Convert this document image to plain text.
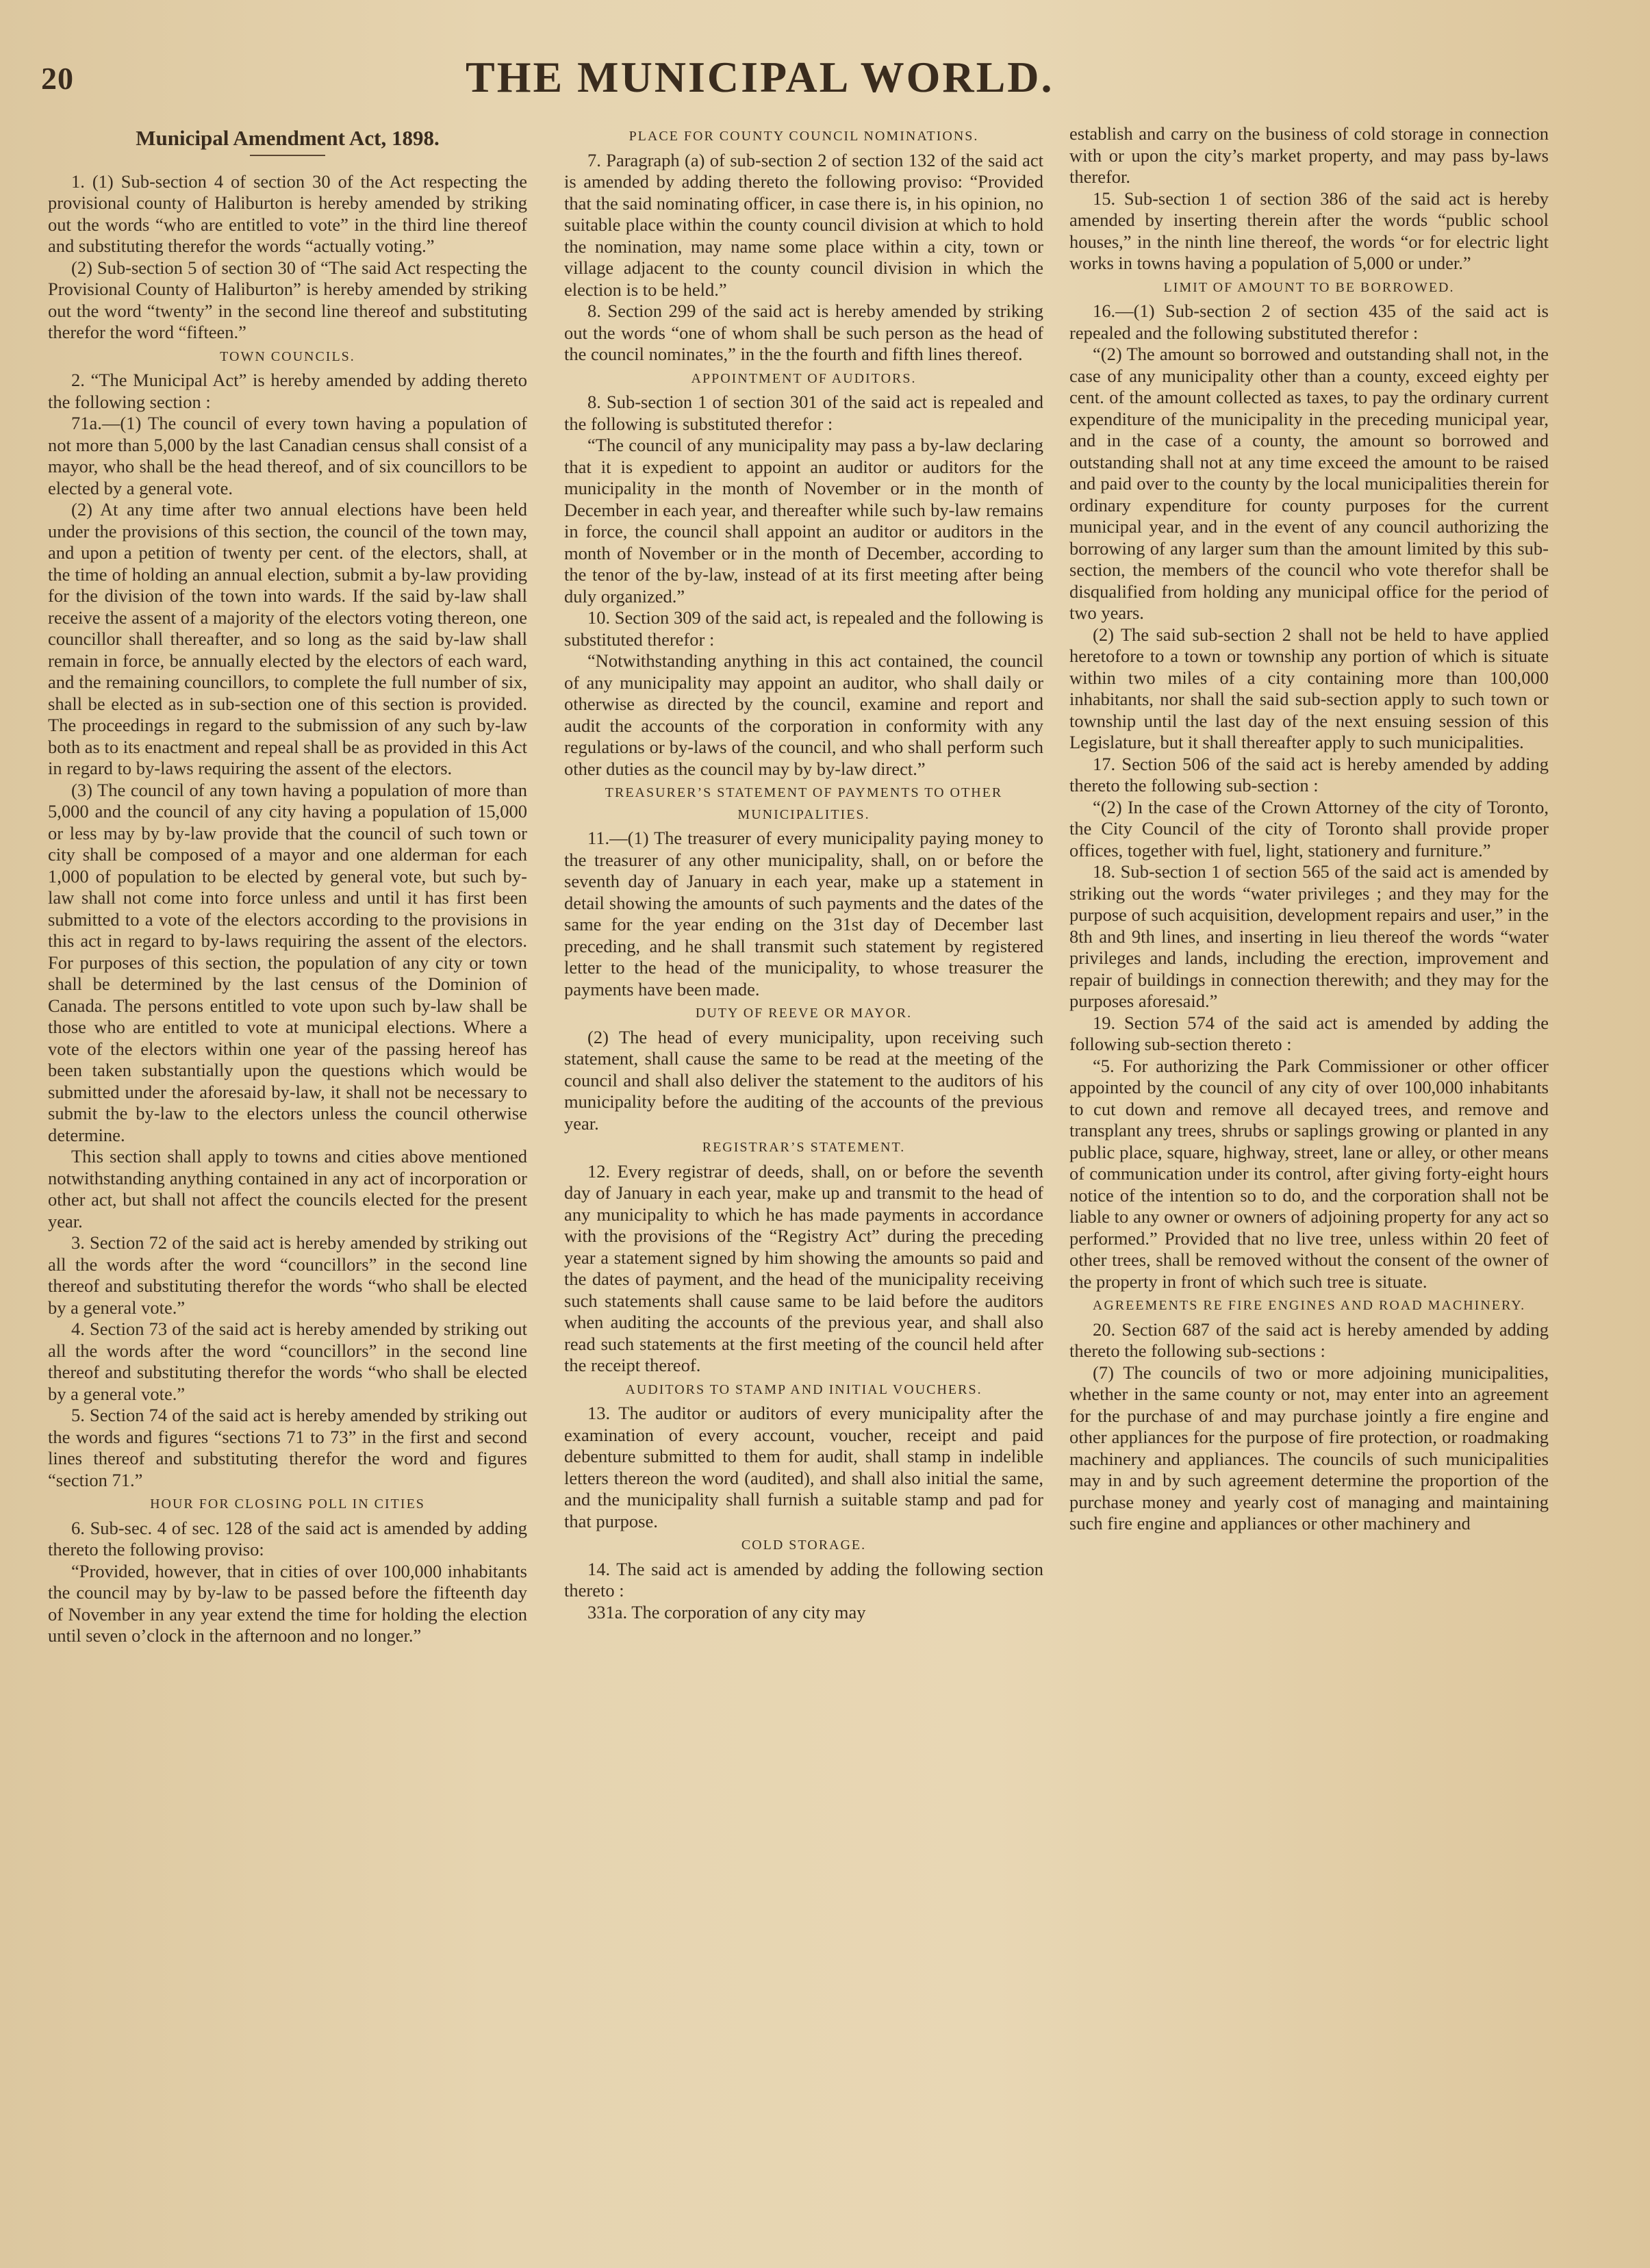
20	THE MUNICIPAL WORLD.

Municipal Amendment Act, 1898.

1. (1) Sub-section 4 of section 30 of the Act respecting the provisional county of Haliburton is hereby amended by striking out the words “who are entitled to vote” in the third line thereof and substituting therefor the words “actually voting.”

(2) Sub-section 5 of section 30 of “The said Act respecting the Provisional County of Haliburton” is hereby amended by striking out the word “twenty” in the second line thereof and substituting therefor the word “fifteen.”

TOWN COUNCILS.

2. “The Municipal Act” is hereby amended by adding thereto the following section :

71a.—(1) The council of every town having a population of not more than 5,000 by the last Canadian census shall consist of a mayor, who shall be the head thereof, and of six councillors to be elected by a general vote.

(2) At any time after two annual elections have been held under the provisions of this section, the council of the town may, and upon a petition of twenty per cent. of the electors, shall, at the time of holding an annual election, submit a by-law providing for the division of the town into wards. If the said by-law shall receive the assent of a majority of the electors voting thereon, one councillor shall thereafter, and so long as the said by-law shall remain in force, be annually elected by the electors of each ward, and the remaining councillors, to complete the full number of six, shall be elected as in sub-section one of this section is provided. The proceedings in regard to the submission of any such by-law both as to its enactment and repeal shall be as provided in this Act in regard to by-laws requiring the assent of the electors.

(3) The council of any town having a population of more than 5,000 and the council of any city having a population of 15,000 or less may by by-law provide that the council of such town or city shall be composed of a mayor and one alderman for each 1,000 of population to be elected by general vote, but such by-law shall not come into force unless and until it has first been submitted to a vote of the electors according to the provisions in this act in regard to by-laws requiring the assent of the electors. For purposes of this section, the population of any city or town shall be determined by the last census of the Dominion of Canada. The persons entitled to vote upon such by-law shall be those who are entitled to vote at municipal elections. Where a vote of the electors within one year of the passing hereof has been taken substantially upon the questions which would be submitted under the aforesaid by-law, it shall not be necessary to submit the by-law to the electors unless the council otherwise determine.

This section shall apply to towns and cities above mentioned notwithstanding anything contained in any act of incorporation or other act, but shall not affect the councils elected for the present year.

3. Section 72 of the said act is hereby amended by striking out all the words after the word “councillors” in the second line thereof and substituting therefor the words “who shall be elected by a general vote.”

4. Section 73 of the said act is hereby amended by striking out all the words after the word “councillors” in the second line thereof and substituting therefor the words “who shall be elected by a general vote.”

5. Section 74 of the said act is hereby amended by striking out the words and figures “sections 71 to 73” in the first and second lines thereof and substituting therefor the word and figures “section 71.”

HOUR FOR CLOSING POLL IN CITIES

6. Sub-sec. 4 of sec. 128 of the said act is amended by adding thereto the following proviso:

“Provided, however, that in cities of over 100,000 inhabitants the council may by by-law to be passed before the fifteenth day of November in any year extend the time for holding the election until seven o’clock in the afternoon and no longer.”

PLACE FOR COUNTY COUNCIL NOMINATIONS.

7. Paragraph (a) of sub-section 2 of section 132 of the said act is amended by adding thereto the following proviso: “Provided that the said nominating officer, in case there is, in his opinion, no suitable place within the county council division at which to hold the nomination, may name some place within a city, town or village adjacent to the county council division in which the election is to be held.”

8. Section 299 of the said act is hereby amended by striking out the words “one of whom shall be such person as the head of the council nominates,” in the the fourth and fifth lines thereof.

APPOINTMENT OF AUDITORS.

8. Sub-section 1 of section 301 of the said act is repealed and the following is substituted therefor :

“The council of any municipality may pass a by-law declaring that it is expedient to appoint an auditor or auditors for the municipality in the month of November or in the month of December in each year, and thereafter while such by-law remains in force, the council shall appoint an auditor or auditors in the month of November or in the month of December, according to the tenor of the by-law, instead of at its first meeting after being duly organized.”

10. Section 309 of the said act, is repealed and the following is substituted therefor :

“Notwithstanding anything in this act contained, the council of any municipality may appoint an auditor, who shall daily or otherwise as directed by the council, examine and report and audit the accounts of the corporation in conformity with any regulations or by-laws of the council, and who shall perform such other duties as the council may by by-law direct.”

TREASURER’S STATEMENT OF PAYMENTS TO OTHER MUNICIPALITIES.

11.—(1) The treasurer of every municipality paying money to the treasurer of any other municipality, shall, on or before the seventh day of January in each year, make up a statement in detail showing the amounts of such payments and the dates of the same for the year ending on the 31st day of December last preceding, and he shall transmit such statement by registered letter to the head of the municipality, to whose treasurer the payments have been made.

DUTY OF REEVE OR MAYOR.

(2) The head of every municipality, upon receiving such statement, shall cause the same to be read at the meeting of the council and shall also deliver the statement to the auditors of his municipality before the auditing of the accounts of the previous year.

REGISTRAR’S STATEMENT.

12. Every registrar of deeds, shall, on or before the seventh day of January in each year, make up and transmit to the head of any municipality to which he has made payments in accordance with the provisions of the “Registry Act” during the preceding year a statement signed by him showing the amounts so paid and the dates of payment, and the head of the municipality receiving such statements shall cause same to be laid before the auditors when auditing the accounts of the previous year, and shall also read such statements at the first meeting of the council held after the receipt thereof.

AUDITORS TO STAMP AND INITIAL VOUCHERS.

13. The auditor or auditors of every municipality after the examination of every account, voucher, receipt and paid debenture submitted to them for audit, shall stamp in indelible letters thereon the word (audited), and shall also initial the same, and the municipality shall furnish a suitable stamp and pad for that purpose.

COLD STORAGE.

14. The said act is amended by adding the following section thereto :

331a. The corporation of any city may

establish and carry on the business of cold storage in connection with or upon the city’s market property, and may pass by-laws therefor.

15. Sub-section 1 of section 386 of the said act is hereby amended by inserting therein after the words “public school houses,” in the ninth line thereof, the words “or for electric light works in towns having a population of 5,000 or under.”

LIMIT OF AMOUNT TO BE BORROWED.

16.—(1) Sub-section 2 of section 435 of the said act is repealed and the following substituted therefor :

“(2) The amount so borrowed and outstanding shall not, in the case of any municipality other than a county, exceed eighty per cent. of the amount collected as taxes, to pay the ordinary current expenditure of the municipality in the preceding municipal year, and in the case of a county, the amount so borrowed and outstanding shall not at any time exceed the amount to be raised and paid over to the county by the local municipalities therein for ordinary expenditure for county purposes for the current municipal year, and in the event of any council authorizing the borrowing of any larger sum than the amount limited by this sub-section, the members of the council who vote therefor shall be disqualified from holding any municipal office for the period of two years.

(2) The said sub-section 2 shall not be held to have applied heretofore to a town or township any portion of which is situate within two miles of a city containing more than 100,000 inhabitants, nor shall the said sub-section apply to such town or township until the last day of the next ensuing session of this Legislature, but it shall thereafter apply to such municipalities.

17. Section 506 of the said act is hereby amended by adding thereto the following sub-section :

“(2) In the case of the Crown Attorney of the city of Toronto, the City Council of the city of Toronto shall provide proper offices, together with fuel, light, stationery and furniture.”

18. Sub-section 1 of section 565 of the said act is amended by striking out the words “water privileges ; and they may for the purpose of such acquisition, development repairs and user,” in the 8th and 9th lines, and inserting in lieu thereof the words “water privileges and lands, including the erection, improvement and repair of buildings in connection therewith; and they may for the purposes aforesaid.”

19. Section 574 of the said act is amended by adding the following sub-section thereto :

“5. For authorizing the Park Commissioner or other officer appointed by the council of any city of over 100,000 inhabitants to cut down and remove all decayed trees, and remove and transplant any trees, shrubs or saplings growing or planted in any public place, square, highway, street, lane or alley, or other means of communication under its control, after giving forty-eight hours notice of the intention so to do, and the corporation shall not be liable to any owner or owners of adjoining property for any act so performed.” Provided that no live tree, unless within 20 feet of other trees, shall be removed without the consent of the owner of the property in front of which such tree is situate.

AGREEMENTS RE FIRE ENGINES AND ROAD MACHINERY.

20. Section 687 of the said act is hereby amended by adding thereto the following sub-sections :

(7) The councils of two or more adjoining municipalities, whether in the same county or not, may enter into an agreement for the purchase of and may purchase jointly a fire engine and other appliances for the purpose of fire protection, or roadmaking machinery and appliances. The councils of such municipalities may in and by such agreement determine the proportion of the purchase money and yearly cost of managing and maintaining such fire engine and appliances or other machinery and
